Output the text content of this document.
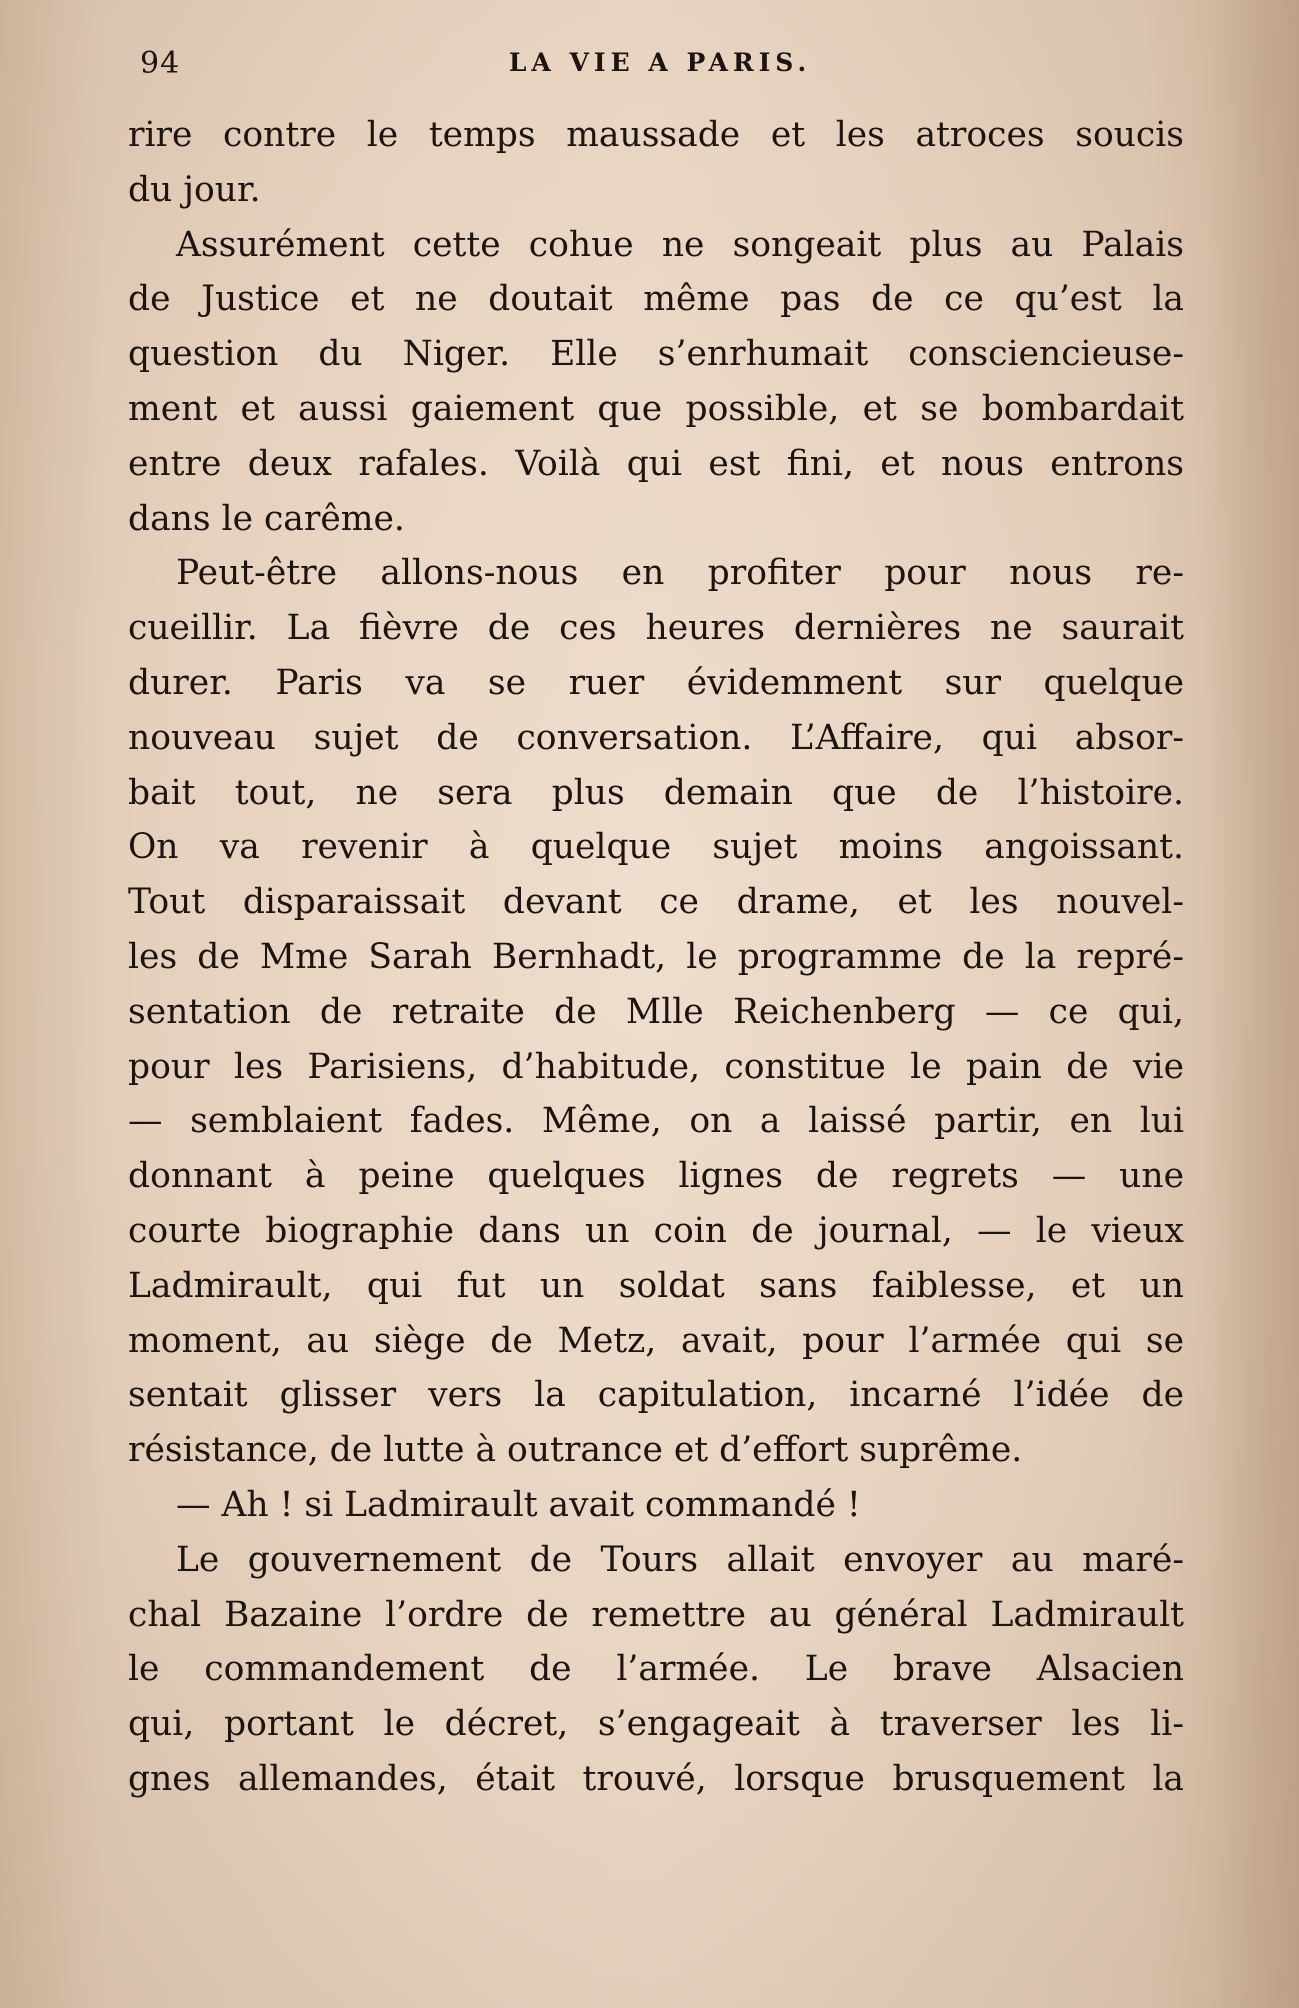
94	LA VIE A PARIS.
rire contre le temps maussade et les atroces soucis
du jour.
Assurément cette cohue ne songeait plus au Palais
de Justice et ne doutait même pas de ce qu’est la
question du Niger. Elle s’enrhumait consciencieuse-
ment et aussi gaiement que possible, et se bombardait
entre deux rafales. Voilà qui est fini, et nous entrons
dans le carême.
Peut-être allons-nous en profiter pour nous re-
cueillir. La fièvre de ces heures dernières ne saurait
durer. Paris va se ruer évidemment sur quelque
nouveau sujet de conversation. L’Affaire, qui absor-
bait tout, ne sera plus demain que de l’histoire.
On va revenir à quelque sujet moins angoissant.
Tout disparaissait devant ce drame, et les nouvel-
les de Mme Sarah Bernhadt, le programme de la repré-
sentation de retraite de Mlle Reichenberg — ce qui,
pour les Parisiens, d’habitude, constitue le pain de vie
— semblaient fades. Même, on a laissé partir, en lui
donnant à peine quelques lignes de regrets — une
courte biographie dans un coin de journal, — le vieux
Ladmirault, qui fut un soldat sans faiblesse, et un
moment, au siège de Metz, avait, pour l’armée qui se
sentait glisser vers la capitulation, incarné l’idée de
résistance, de lutte à outrance et d’effort suprême.
— Ah ! si Ladmirault avait commandé !
Le gouvernement de Tours allait envoyer au maré-
chal Bazaine l’ordre de remettre au général Ladmirault
le commandement de l’armée. Le brave Alsacien
qui, portant le décret, s’engageait à traverser les li-
gnes allemandes, était trouvé, lorsque brusquement la
